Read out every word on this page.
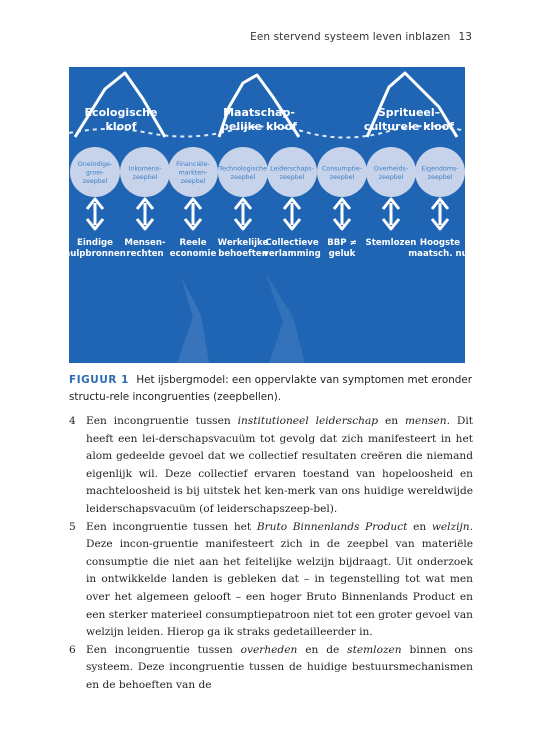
Een stervend systeem leven inblazen 13
Ecologische
kloof
Maatschap-
pelijke kloof
Spritueel–
culturele kloof
Oneindige-
groei-
zeepbel
Inkomens-
zeepbel
Financiële-
markten-
zeepbel
Technologische
zeepbel
Leiderschaps-
zeepbel
Consumptie-
zeepbel
Overheids-
zeepbel
Eigendoms-
zeepbel
Eindige
hulpbronnen
Mensen-
rechten
Reele
economie
Werkelijke
behoeften
Collectieve
verlamming
BBP ≠
geluk
Stemlozen Hoogste
maatsch. nut
FIGUUR 1 Het ijsbergmodel: een oppervlakte van symptomen met eronder structu-rele incongruenties (zeepbellen).
4 Een incongruentie tussen institutioneel leiderschap en mensen. Dit heeft een lei-derschapsvacuüm tot gevolg dat zich manifesteert in het alom gedeelde gevoel dat we collectief resultaten creëren die niemand eigenlijk wil. Deze collectief ervaren toestand van hopeloosheid en machteloosheid is bij uitstek het ken-merk van ons huidige wereldwijde leiderschapsvacuüm (of leiderschapszeep-bel).

5 Een incongruentie tussen het Bruto Binnenlands Product en welzijn. Deze incon-gruentie manifesteert zich in de zeepbel van materiële consumptie die niet aan het feitelijke welzijn bijdraagt. Uit onderzoek in ontwikkelde landen is gebleken dat – in tegenstelling tot wat men over het algemeen gelooft – een hoger Bruto Binnenlands Product en een sterker materieel consumptiepatroon niet tot een groter gevoel van welzijn leiden. Hierop ga ik straks gedetailleerder in.

6 Een incongruentie tussen overheden en de stemlozen binnen ons systeem. Deze incongruentie tussen de huidige bestuursmechanismen en de behoeften van de
